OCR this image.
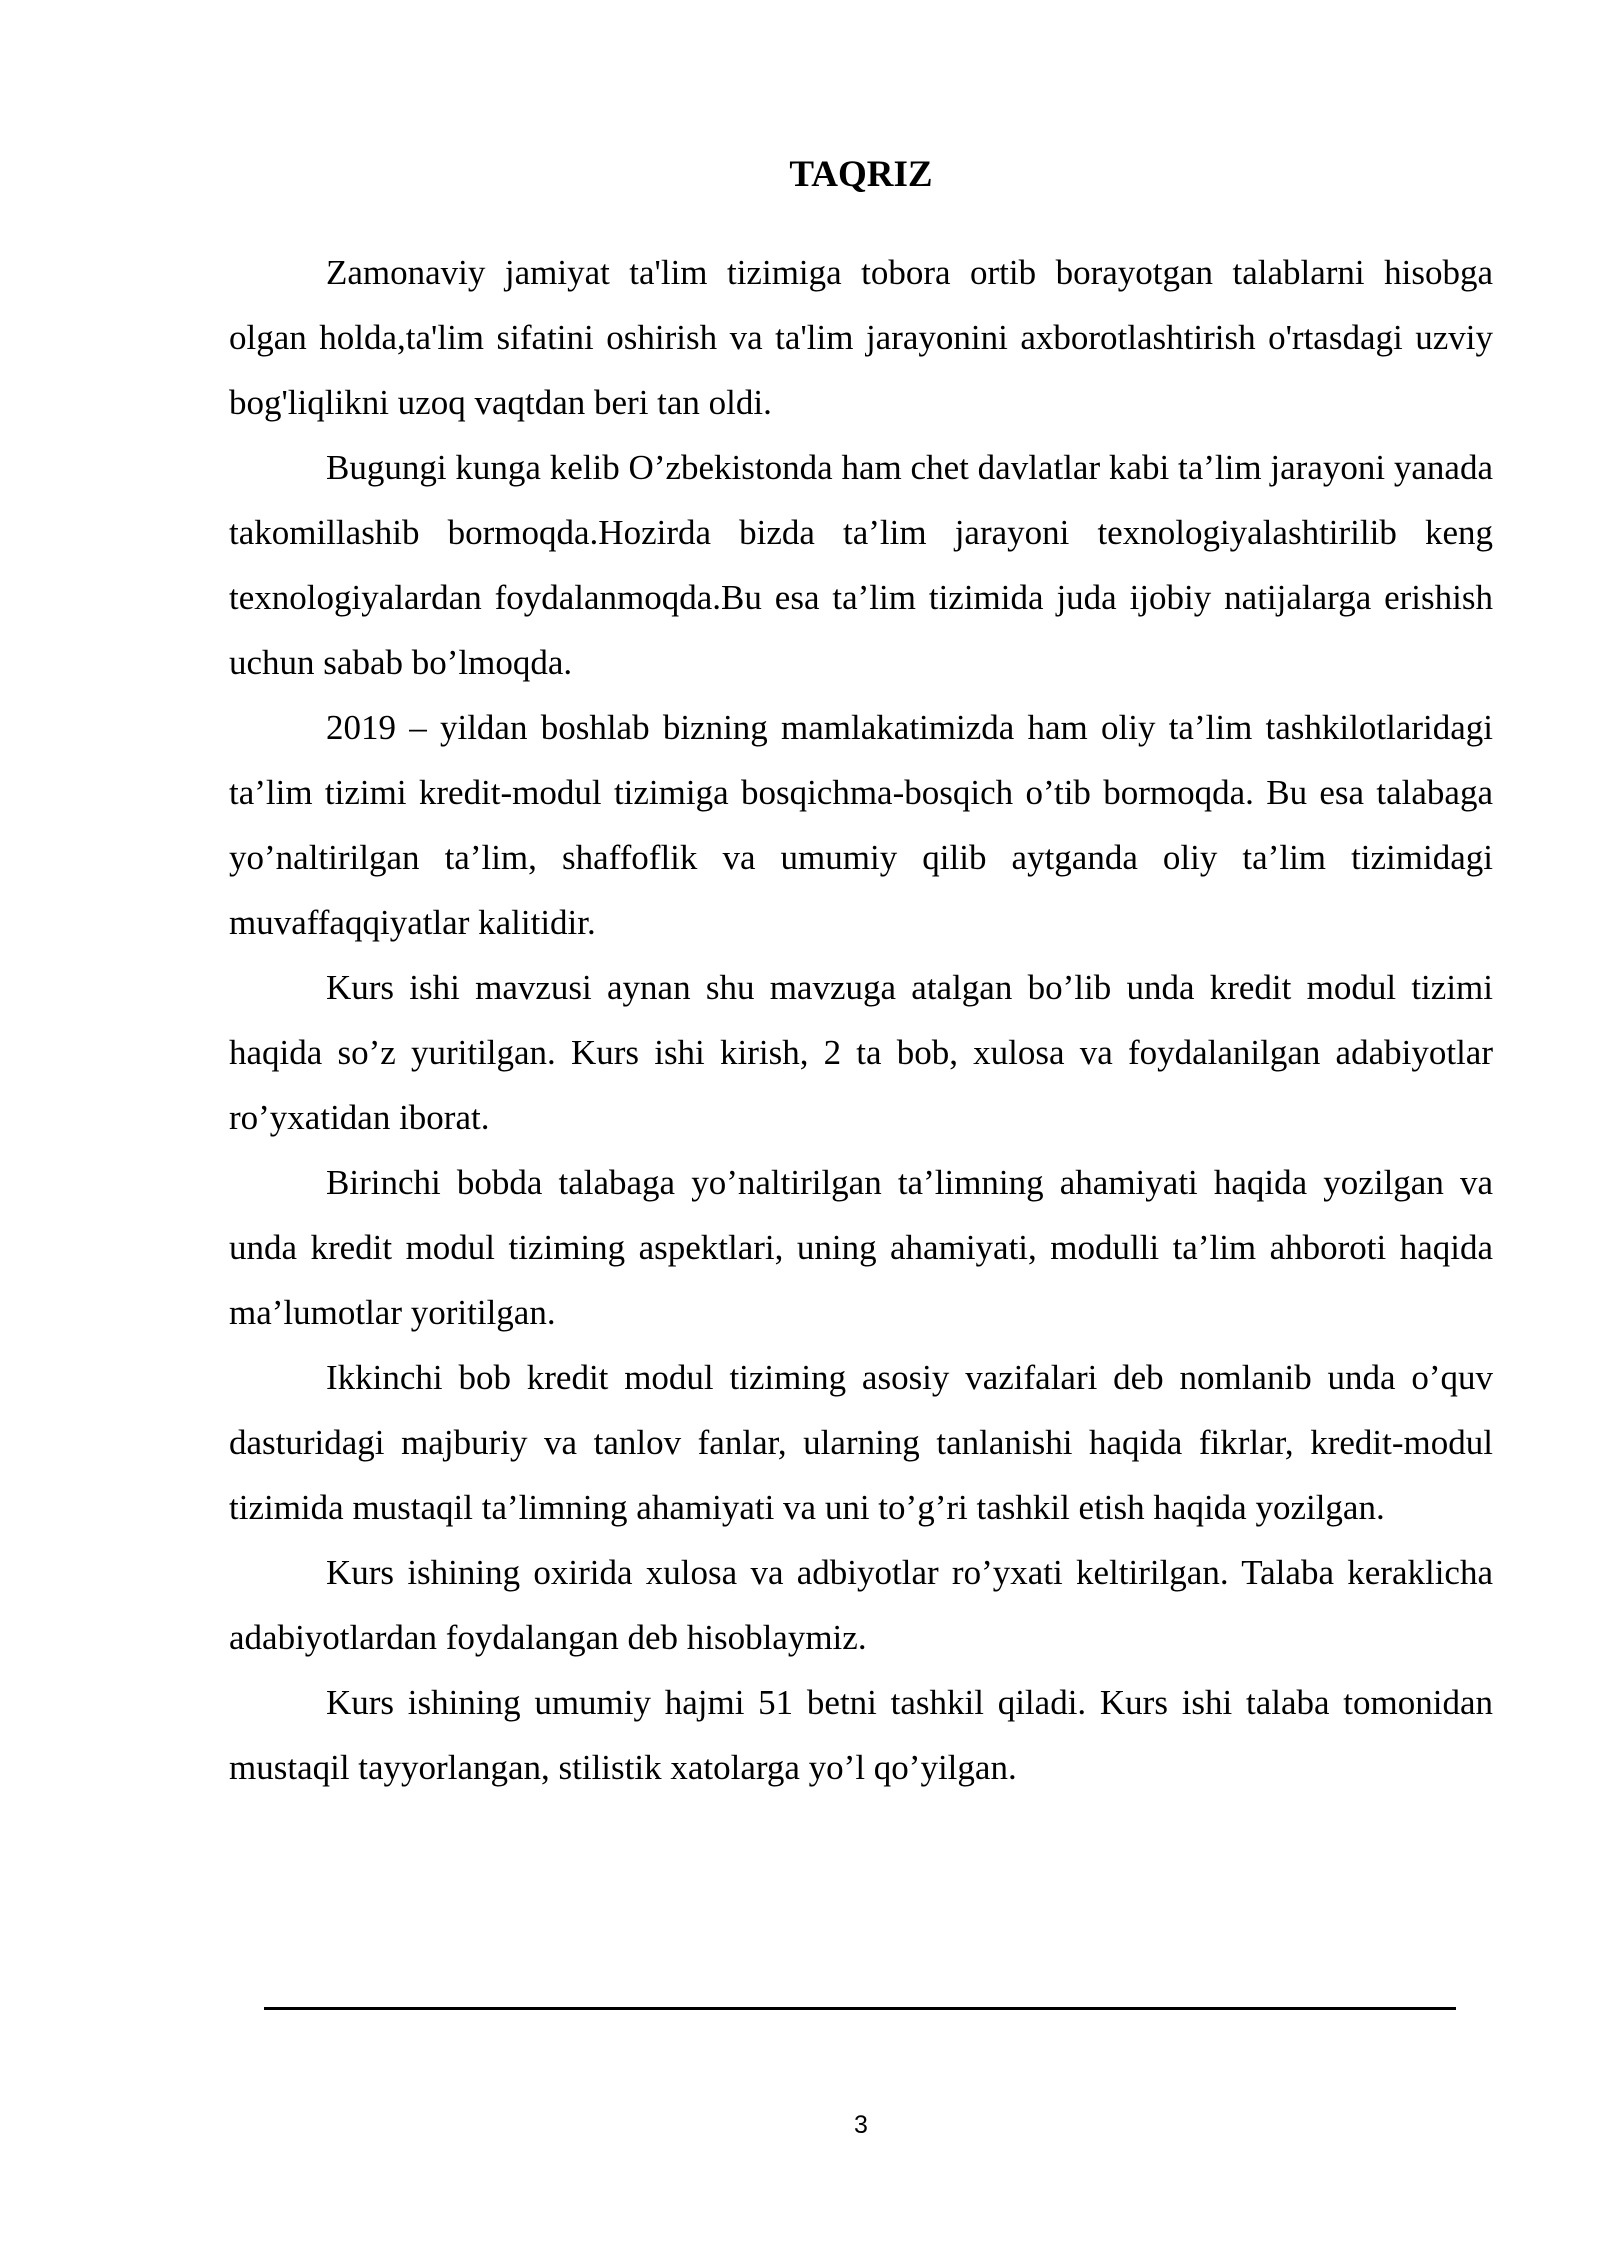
TAQRIZ

Zamonaviy jamiyat ta'lim tizimiga tobora ortib borayotgan talablarni hisobga olgan holda,ta'lim sifatini oshirish va ta'lim jarayonini axborotlashtirish o'rtasdagi uzviy bog'liqlikni uzoq vaqtdan beri tan oldi.

Bugungi kunga kelib O’zbekistonda ham chet davlatlar kabi ta’lim jarayoni yanada takomillashib bormoqda.Hozirda bizda ta’lim jarayoni texnologiyalashtirilib keng texnologiyalardan foydalanmoqda.Bu esa ta’lim tizimida juda ijobiy natijalarga erishish uchun sabab bo’lmoqda.

2019 – yildan boshlab bizning mamlakatimizda ham oliy ta’lim tashkilotlaridagi ta’lim tizimi kredit-modul tizimiga bosqichma-bosqich o’tib bormoqda. Bu esa talabaga yo’naltirilgan ta’lim, shaffoflik va umumiy qilib aytganda oliy ta’lim tizimidagi muvaffaqqiyatlar kalitidir.

Kurs ishi mavzusi aynan shu mavzuga atalgan bo’lib unda kredit modul tizimi haqida so’z yuritilgan. Kurs ishi kirish, 2 ta bob, xulosa va foydalanilgan adabiyotlar ro’yxatidan iborat.

Birinchi bobda talabaga yo’naltirilgan ta’limning ahamiyati haqida yozilgan va unda kredit modul tiziming aspektlari, uning ahamiyati, modulli ta’lim ahboroti haqida ma’lumotlar yoritilgan.

Ikkinchi bob kredit modul tiziming asosiy vazifalari deb nomlanib unda o’quv dasturidagi majburiy va tanlov fanlar, ularning tanlanishi haqida fikrlar, kredit-modul tizimida mustaqil ta’limning ahamiyati va uni to’g’ri tashkil etish haqida yozilgan.

Kurs ishining oxirida xulosa va adbiyotlar ro’yxati keltirilgan. Talaba keraklicha adabiyotlardan foydalangan deb hisoblaymiz.

Kurs ishining umumiy hajmi 51 betni tashkil qiladi. Kurs ishi talaba tomonidan mustaqil tayyorlangan, stilistik xatolarga yo’l qo’yilgan.

3
